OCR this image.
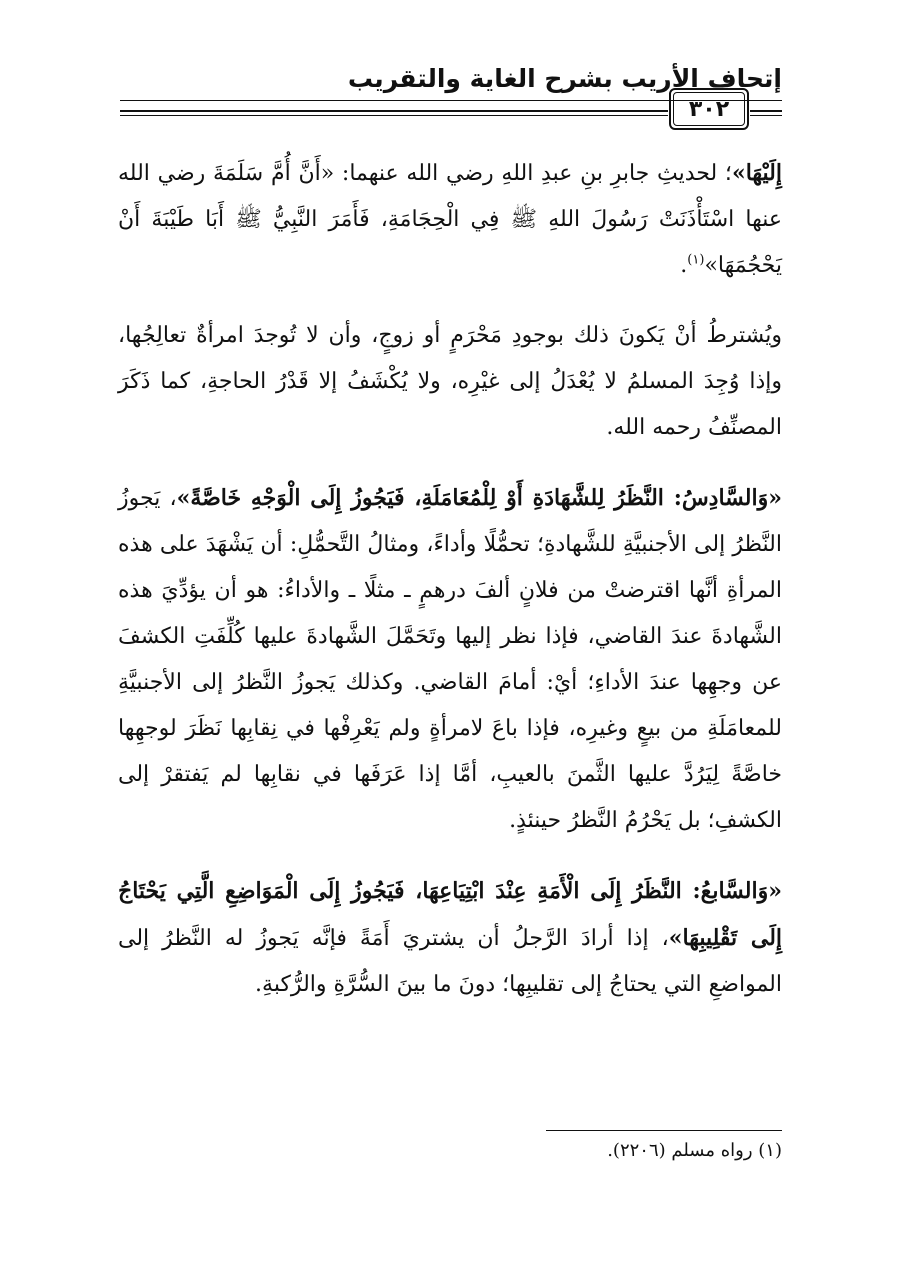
إتحاف الأريب بشرح الغاية والتقريب
٣٠٢

إِلَيْهَا»؛ لحديثِ جابرِ بنِ عبدِ اللهِ رضي الله عنهما: «أَنَّ أُمَّ سَلَمَةَ رضي الله عنها اسْتَأْذَنَتْ رَسُولَ اللهِ ﷺ فِي الْحِجَامَةِ، فَأَمَرَ النَّبِيُّ ﷺ أَبَا طَيْبَةَ أَنْ يَحْجُمَهَا»$^{(١)}$.

ويُشترطُ أنْ يَكونَ ذلك بوجودِ مَحْرَمٍ أو زوجٍ، وأن لا تُوجدَ امرأةٌ تعالِجُها، وإذا وُجِدَ المسلمُ لا يُعْدَلُ إلى غيْرِه، ولا يُكْشَفُ إلا قَدْرُ الحاجةِ، كما ذَكَرَ المصنِّفُ رحمه الله.

«وَالسَّادِسُ: النَّظَرُ لِلشَّهَادَةِ أَوْ لِلْمُعَامَلَةِ، فَيَجُوزُ إِلَى الْوَجْهِ خَاصَّةً»، يَجوزُ النَّظرُ إلى الأجنبيَّةِ للشَّهادةِ؛ تحمُّلًا وأداءً، ومثالُ التَّحمُّلِ: أن يَشْهَدَ على هذه المرأةِ أنَّها اقترضتْ من فلانٍ ألفَ درهمٍ ـ مثلًا ـ والأداءُ: هو أن يؤدِّيَ هذه الشَّهادةَ عندَ القاضي، فإذا نظر إليها وتَحَمَّلَ الشَّهادةَ عليها كُلِّفَتِ الكشفَ عن وجهِها عندَ الأداءِ؛ أيْ: أمامَ القاضي. وكذلك يَجوزُ النَّظرُ إلى الأجنبيَّةِ للمعامَلَةِ من بيعٍ وغيرِه، فإذا باعَ لامرأةٍ ولم يَعْرِفْها في نِقابِها نَظَرَ لوجهِها خاصَّةً لِيَرُدَّ عليها الثَّمنَ بالعيبِ، أمَّا إذا عَرَفَها في نقابِها لم يَفتقرْ إلى الكشفِ؛ بل يَحْرُمُ النَّظرُ حينئذٍ.

«وَالسَّابعُ: النَّظَرُ إِلَى الْأَمَةِ عِنْدَ ابْتِيَاعِهَا، فَيَجُوزُ إِلَى الْمَوَاضِعِ الَّتِي يَحْتَاجُ إِلَى تَقْلِيبِهَا»، إذا أرادَ الرَّجلُ أن يشتريَ أَمَةً فإنَّه يَجوزُ له النَّظرُ إلى المواضعِ التي يحتاجُ إلى تقليبِها؛ دونَ ما بينَ السُّرَّةِ والرُّكبةِ.

(١) رواه مسلم (٢٢٠٦).
